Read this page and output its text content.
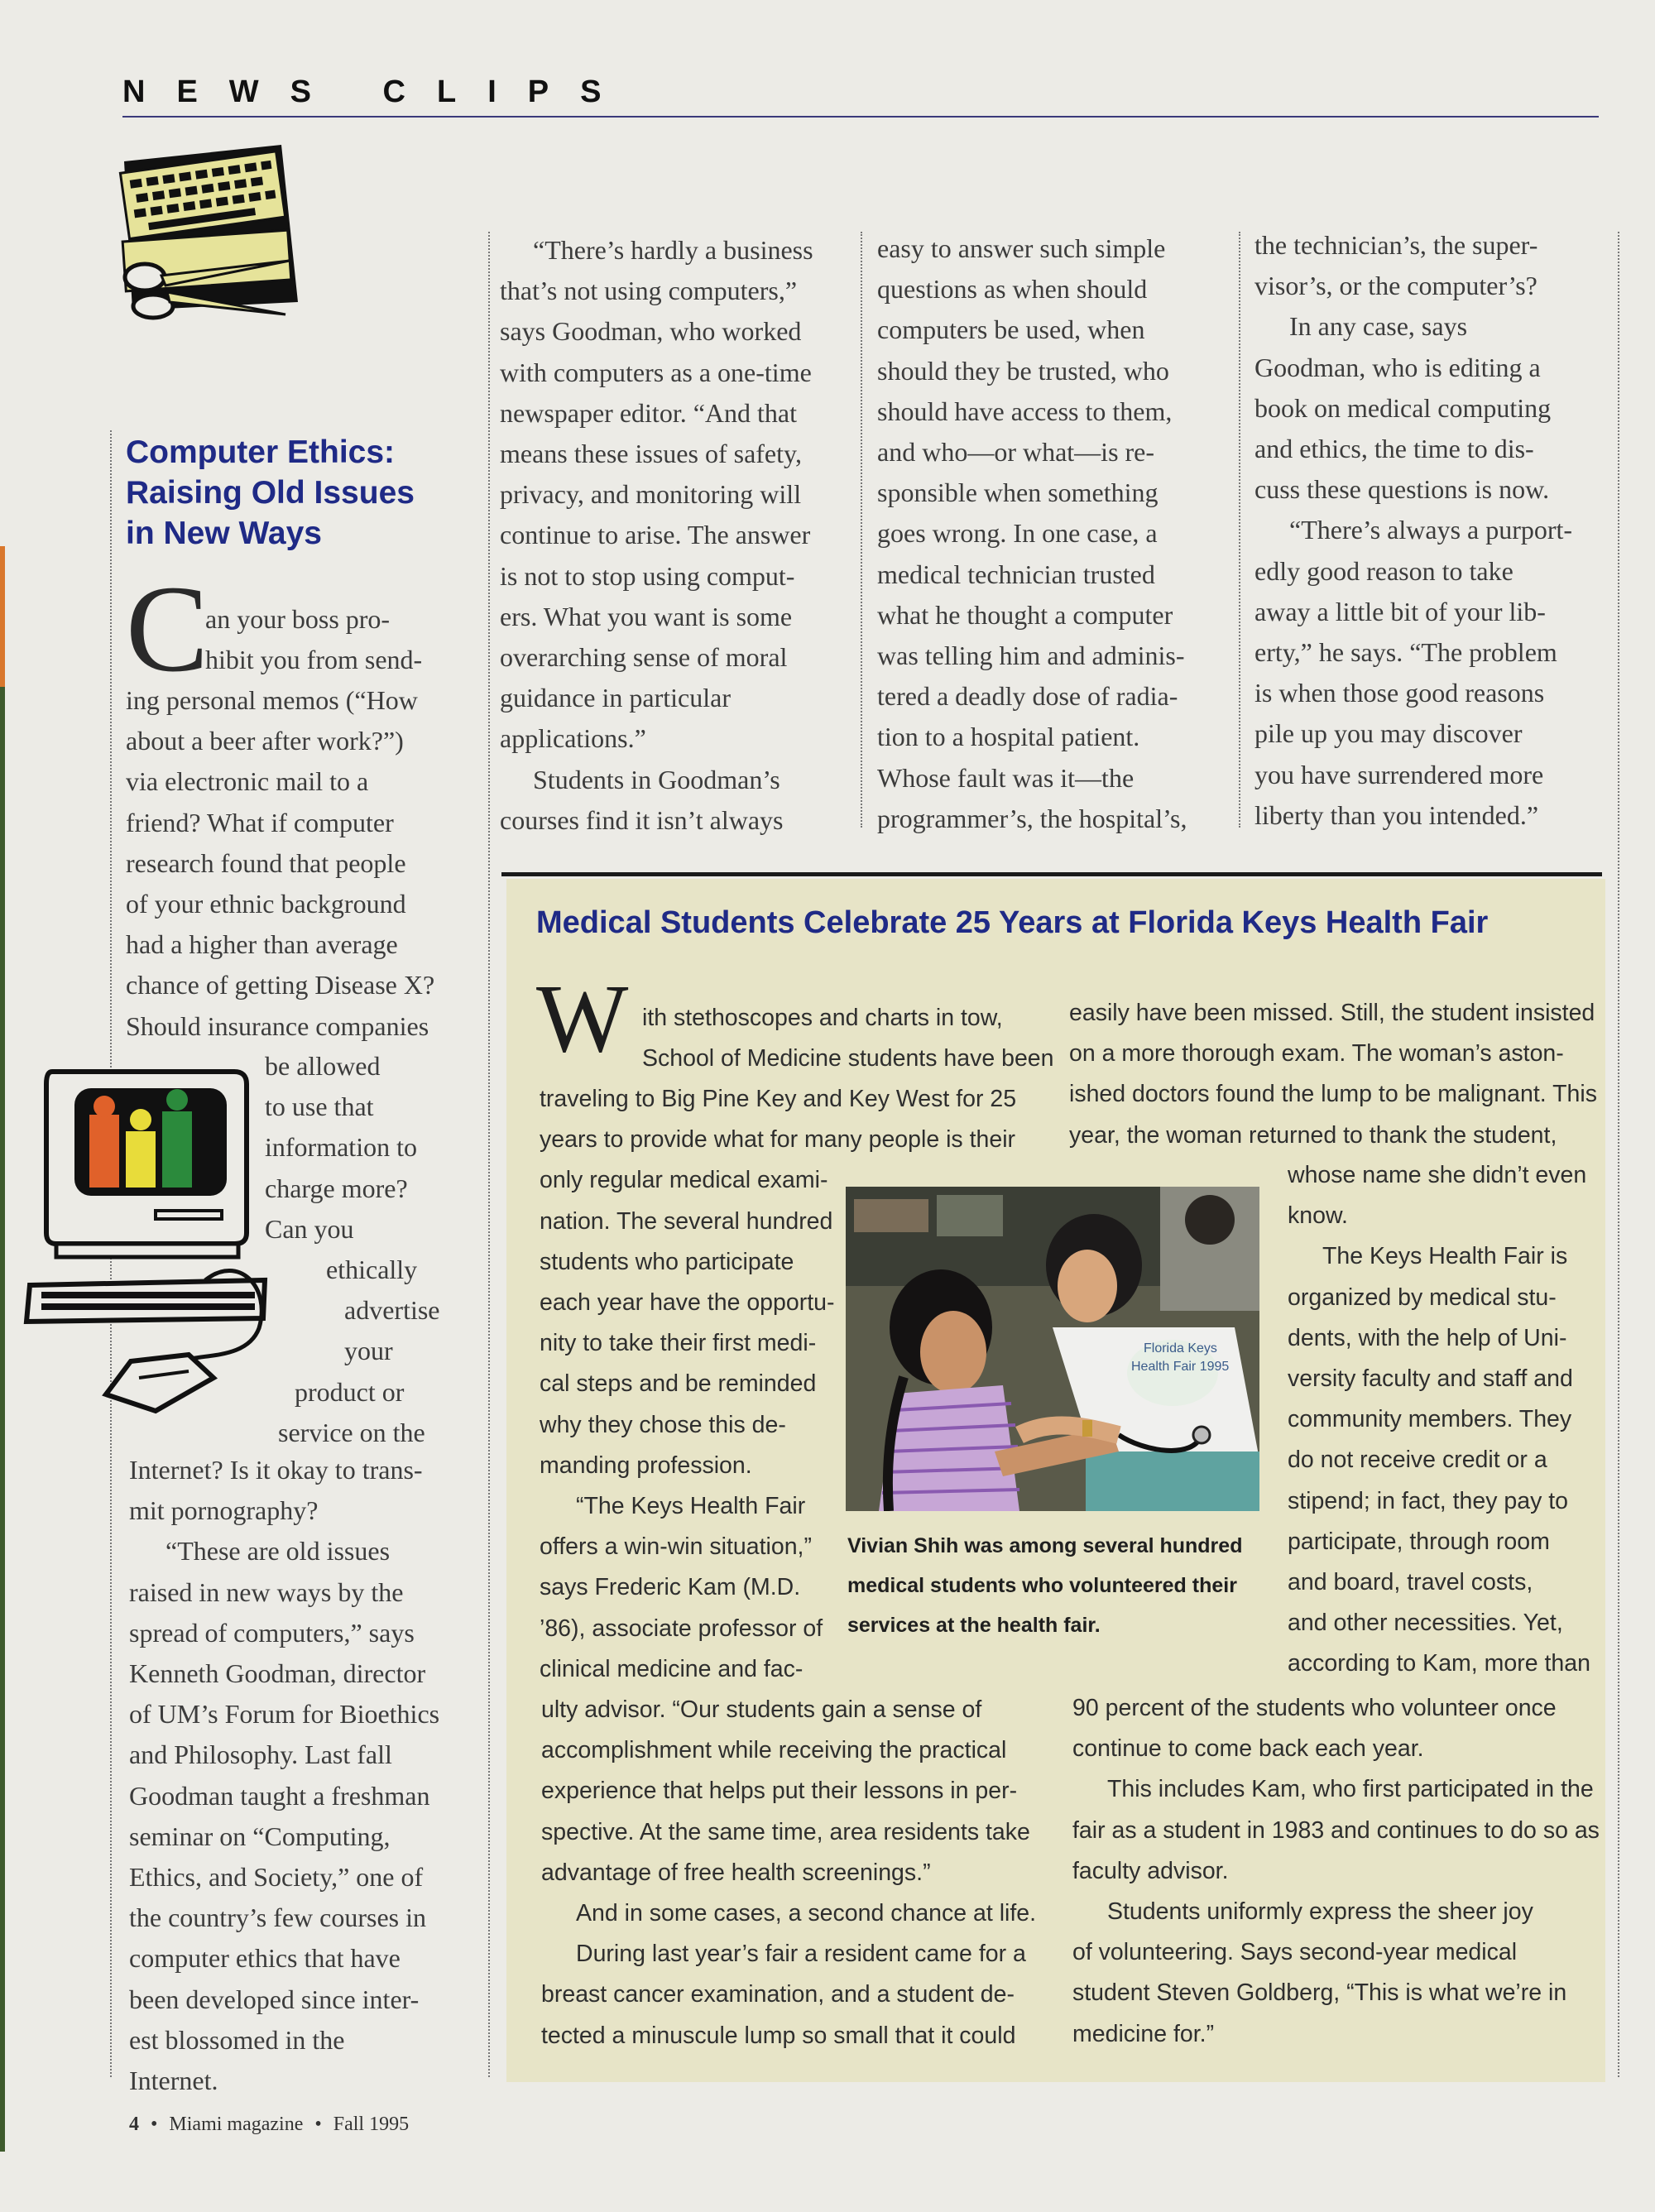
NEWS CLIPS
Computer Ethics:
Raising Old Issues
in New Ways
C
an your boss pro-
hibit you from send-
ing personal memos (“How
about a beer after work?”)
via electronic mail to a
friend? What if computer
research found that people
of your ethnic background
had a higher than average
chance of getting Disease X?
Should insurance companies
be allowed
to use that
information to
charge more?
Can you
ethically
advertise
your
product or
service on the
Internet? Is it okay to trans-
mit pornography?
“These are old issues
raised in new ways by the
spread of computers,” says
Kenneth Goodman, director
of UM’s Forum for Bioethics
and Philosophy. Last fall
Goodman taught a freshman
seminar on “Computing,
Ethics, and Society,” one of
the country’s few courses in
computer ethics that have
been developed since inter-
est blossomed in the
Internet.
“There’s hardly a business
that’s not using computers,”
says Goodman, who worked
with computers as a one-time
newspaper editor. “And that
means these issues of safety,
privacy, and monitoring will
continue to arise. The answer
is not to stop using comput-
ers. What you want is some
overarching sense of moral
guidance in particular
applications.”
Students in Goodman’s
courses find it isn’t always
easy to answer such simple
questions as when should
computers be used, when
should they be trusted, who
should have access to them,
and who—or what—is re-
sponsible when something
goes wrong. In one case, a
medical technician trusted
what he thought a computer
was telling him and adminis-
tered a deadly dose of radia-
tion to a hospital patient.
Whose fault was it—the
programmer’s, the hospital’s,
the technician’s, the super-
visor’s, or the computer’s?
In any case, says
Goodman, who is editing a
book on medical computing
and ethics, the time to dis-
cuss these questions is now.
“There’s always a purport-
edly good reason to take
away a little bit of your lib-
erty,” he says. “The problem
is when those good reasons
pile up you may discover
you have surrendered more
liberty than you intended.”
Medical Students Celebrate 25 Years at Florida Keys Health Fair
W ith stethoscopes and charts in tow,
School of Medicine students have been
traveling to Big Pine Key and Key West for 25
years to provide what for many people is their
only regular medical exami-
nation. The several hundred
students who participate
each year have the opportu-
nity to take their first medi-
cal steps and be reminded
why they chose this de-
manding profession.
“The Keys Health Fair
offers a win-win situation,”
says Frederic Kam (M.D.
’86), associate professor of
clinical medicine and fac-
ulty advisor. “Our students gain a sense of
accomplishment while receiving the practical
experience that helps put their lessons in per-
spective. At the same time, area residents take
advantage of free health screenings.”
And in some cases, a second chance at life.
During last year’s fair a resident came for a
breast cancer examination, and a student de-
tected a minuscule lump so small that it could
easily have been missed. Still, the student insisted
on a more thorough exam. The woman’s aston-
ished doctors found the lump to be malignant. This
year, the woman returned to thank the student,
whose name she didn’t even
know.
The Keys Health Fair is
organized by medical stu-
dents, with the help of Uni-
versity faculty and staff and
community members. They
do not receive credit or a
stipend; in fact, they pay to
participate, through room
and board, travel costs,
and other necessities. Yet,
according to Kam, more than
90 percent of the students who volunteer once
continue to come back each year.
This includes Kam, who first participated in the
fair as a student in 1983 and continues to do so as
faculty advisor.
Students uniformly express the sheer joy
of volunteering. Says second-year medical
student Steven Goldberg, “This is what we’re in
medicine for.”
Florida Keys
Health Fair 1995
Vivian Shih was among several hundred
medical students who volunteered their
services at the health fair.
4 • Miami magazine • Fall 1995
